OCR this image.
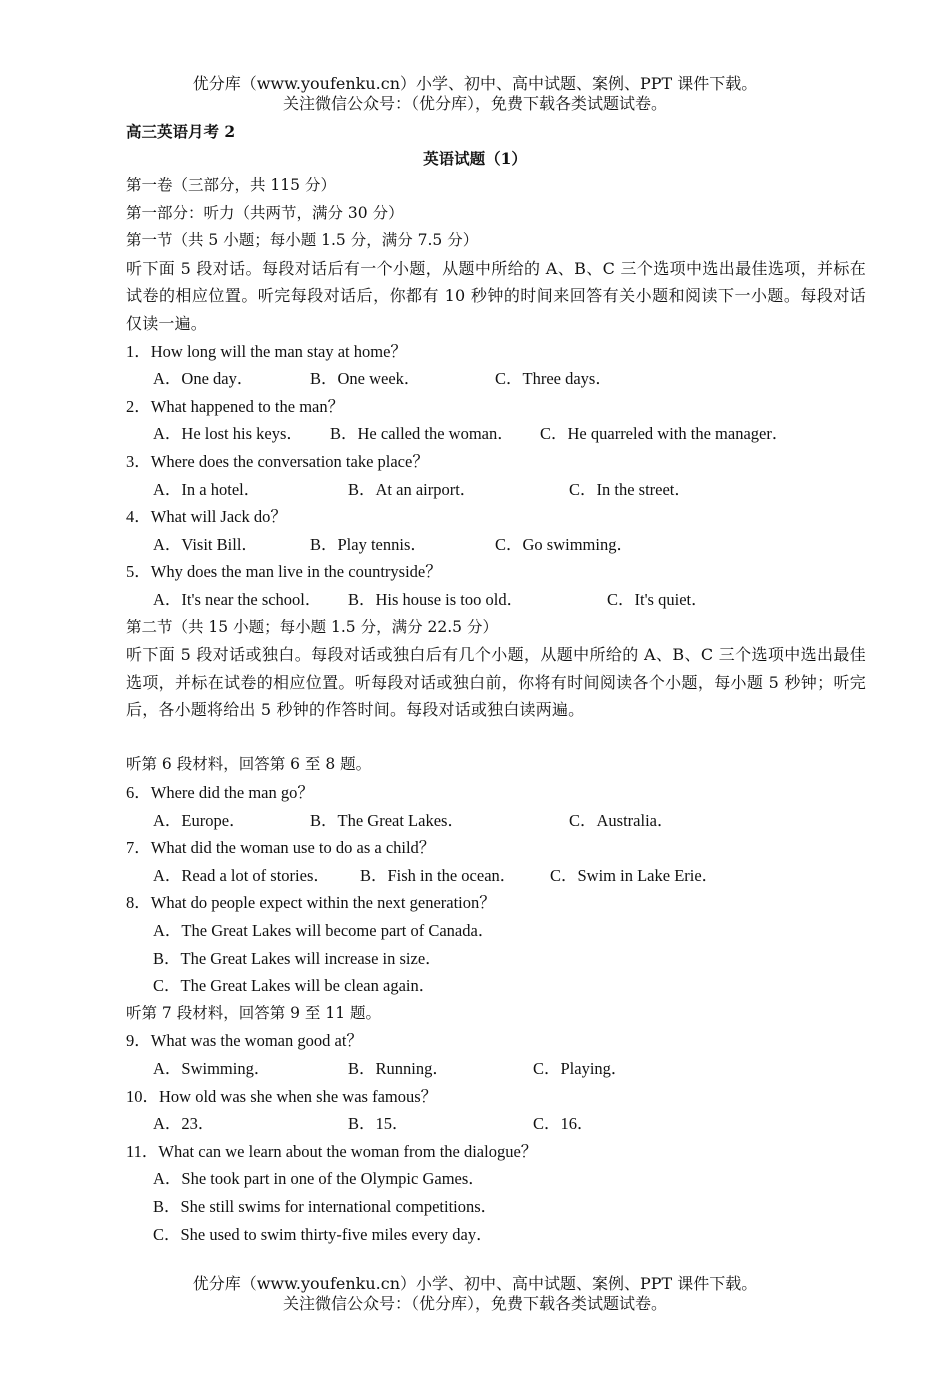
优分库（www.youfenku.cn）小学、初中、高中试题、案例、PPT 课件下载。
关注微信公众号：（优分库），免费下载各类试题试卷。
高三英语月考 2
英语试题（1）
第一卷（三部分，共 115 分）
第一部分：听力（共两节，满分 30 分）
第一节（共 5 小题；每小题 1.5 分，满分 7.5 分）
听下面 5 段对话。每段对话后有一个小题，从题中所给的 A、B、C 三个选项中选出最佳选项，并标在试卷的相应位置。听完每段对话后，你都有 10 秒钟的时间来回答有关小题和阅读下一小题。每段对话仅读一遍。
1．How long will the man stay at home？
A．One day．	B．One week．	C．Three days．
2．What happened to the man？
A．He lost his keys． B．He called the woman． C．He quarreled with the manager．
3．Where does the conversation take place？
A．In a hotel．	B．At an airport．	C．In the street．
4．What will Jack do？
A．Visit Bill．	B．Play tennis．	C．Go swimming．
5．Why does the man live in the countryside？
A．It's near the school． B．His house is too old．	C．It's quiet．
第二节（共 15 小题；每小题 1.5 分，满分 22.5 分）
听下面 5 段对话或独白。每段对话或独白后有几个小题，从题中所给的 A、B、C 三个选项中选出最佳选项，并标在试卷的相应位置。听每段对话或独白前，你将有时间阅读各个小题，每小题 5 秒钟；听完后，各小题将给出 5 秒钟的作答时间。每段对话或独白读两遍。
听第 6 段材料，回答第 6 至 8 题。
6．Where did the man go？
A．Europe．	B．The Great Lakes．	C．Australia．
7．What did the woman use to do as a child？
A．Read a lot of stories． B．Fish in the ocean． C．Swim in Lake Erie．
8．What do people expect within the next generation？
A．The Great Lakes will become part of Canada．
B．The Great Lakes will increase in size．
C．The Great Lakes will be clean again．
听第 7 段材料，回答第 9 至 11 题。
9．What was the woman good at？
A．Swimming．	B．Running．	C．Playing．
10．How old was she when she was famous？
A．23．	B．15．	C．16．
11．What can we learn about the woman from the dialogue？
A．She took part in one of the Olympic Games．
B．She still swims for international competitions．
C．She used to swim thirty-five miles every day．
优分库（www.youfenku.cn）小学、初中、高中试题、案例、PPT 课件下载。
关注微信公众号：（优分库），免费下载各类试题试卷。
